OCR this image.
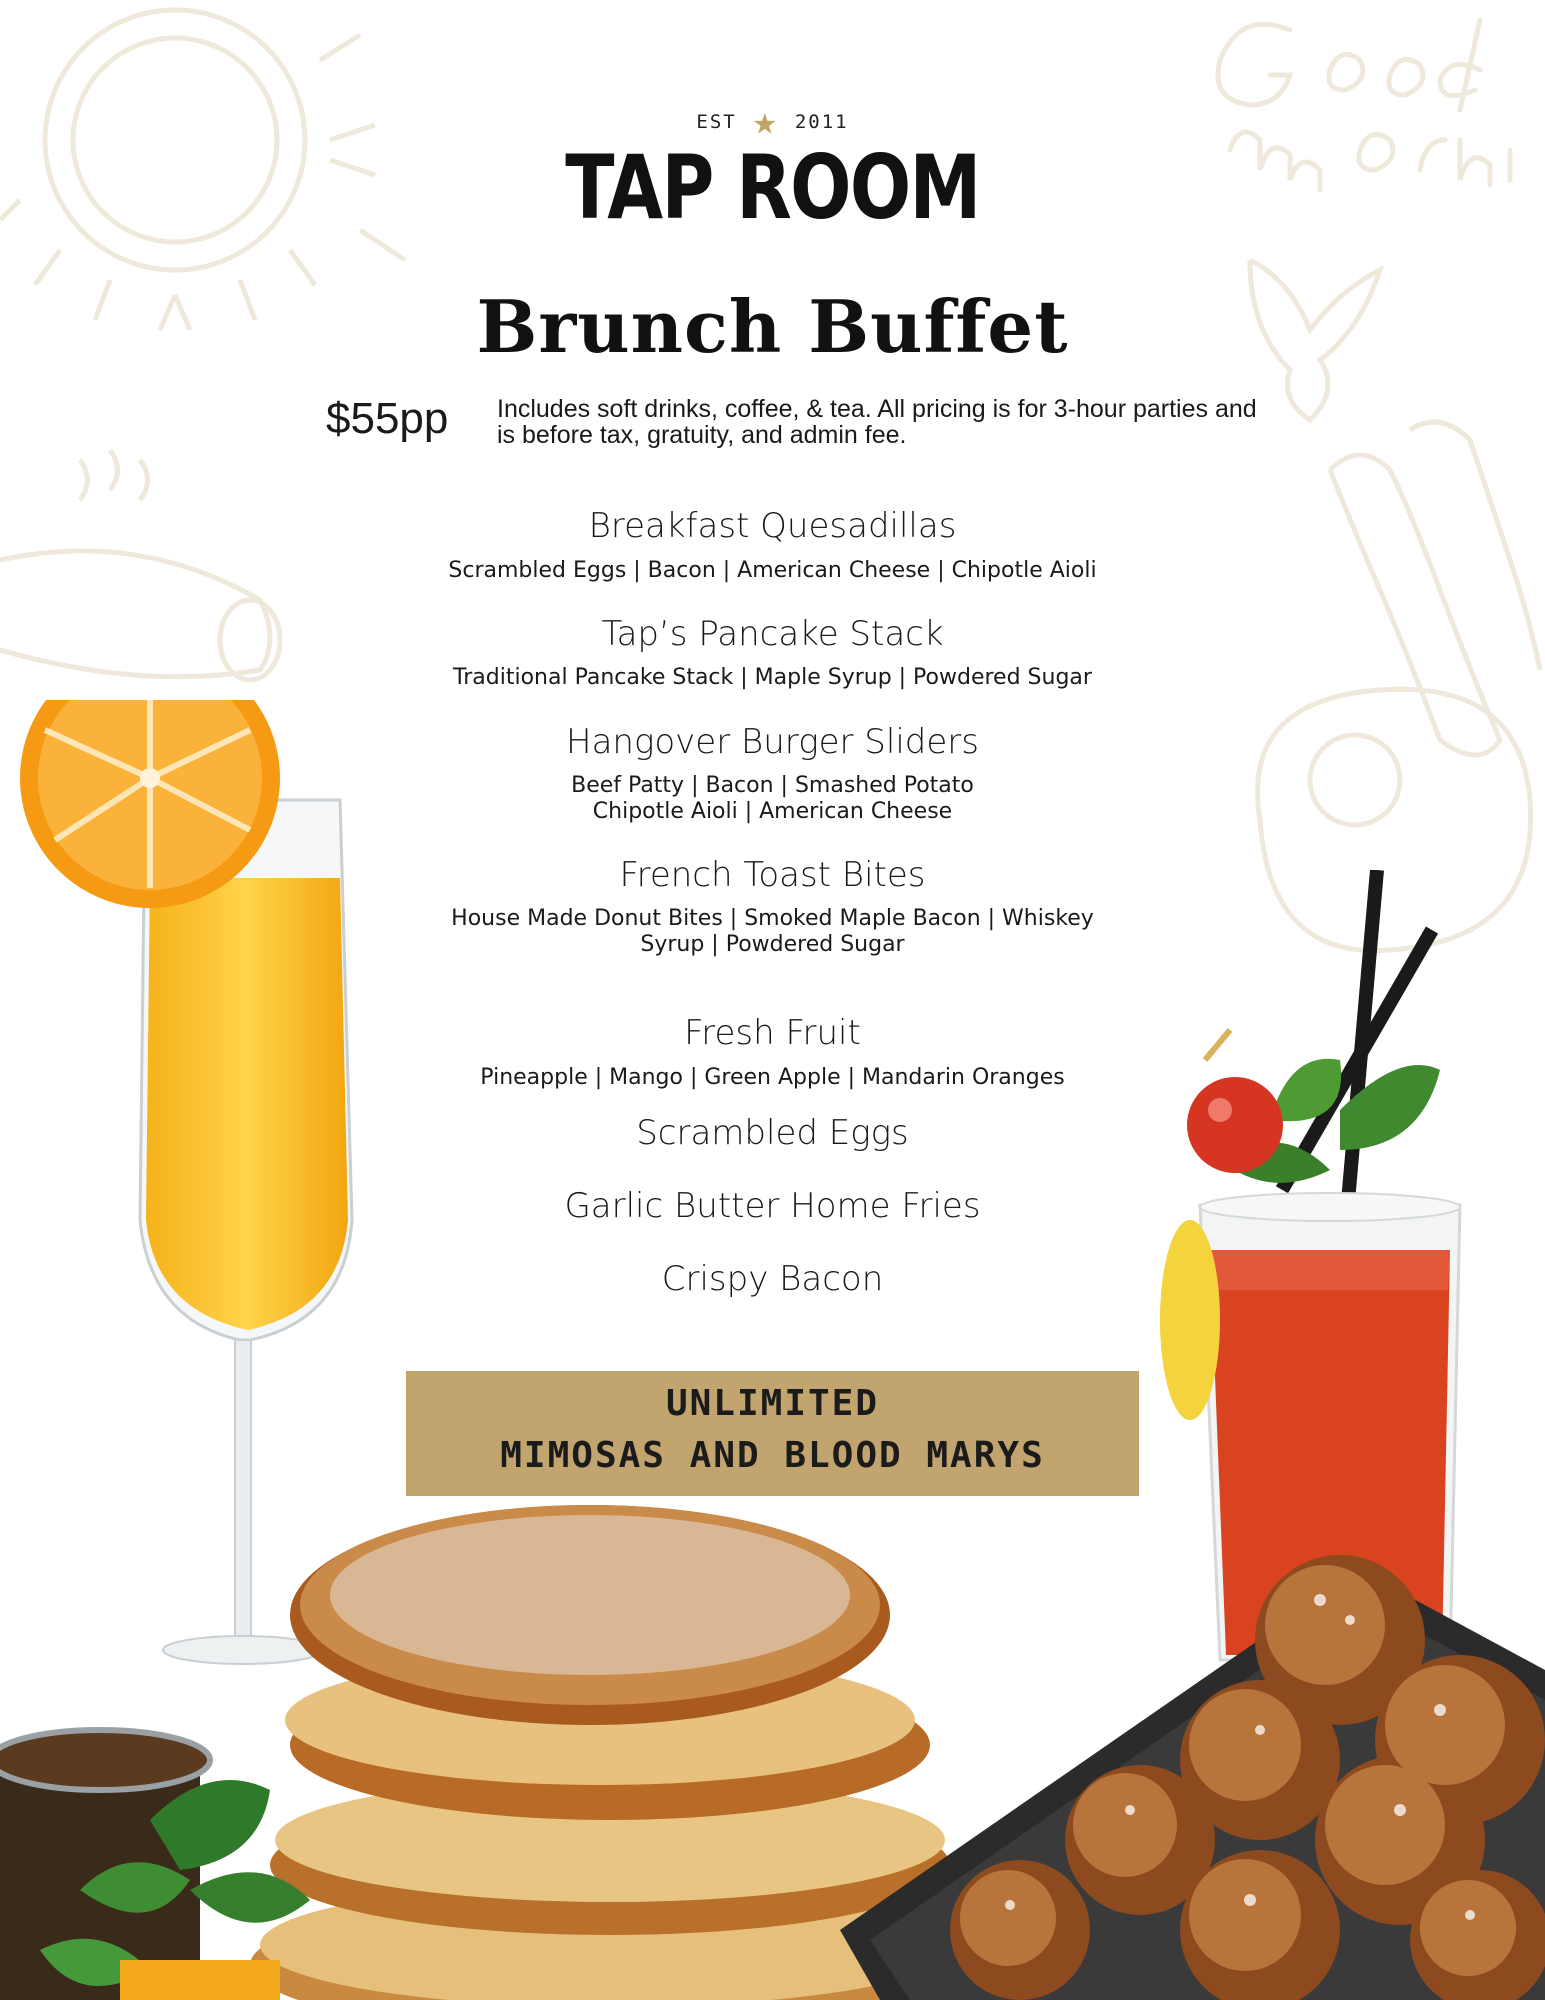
EST ★ 2011
TAP ROOM
Brunch Buffet
$55pp Includes soft drinks, coffee, & tea. All pricing is for 3-hour parties and is before tax, gratuity, and admin fee.
Breakfast Quesadillas
Scrambled Eggs | Bacon | American Cheese | Chipotle Aioli
Tap’s Pancake Stack
Traditional Pancake Stack | Maple Syrup | Powdered Sugar
Hangover Burger Sliders
Beef Patty | Bacon | Smashed Potato
Chipotle Aioli | American Cheese
French Toast Bites
House Made Donut Bites | Smoked Maple Bacon | Whiskey
Syrup | Powdered Sugar
Fresh Fruit
Pineapple | Mango | Green Apple | Mandarin Oranges
Scrambled Eggs
Garlic Butter Home Fries
Crispy Bacon
UNLIMITED
MIMOSAS AND BLOOD MARYS
